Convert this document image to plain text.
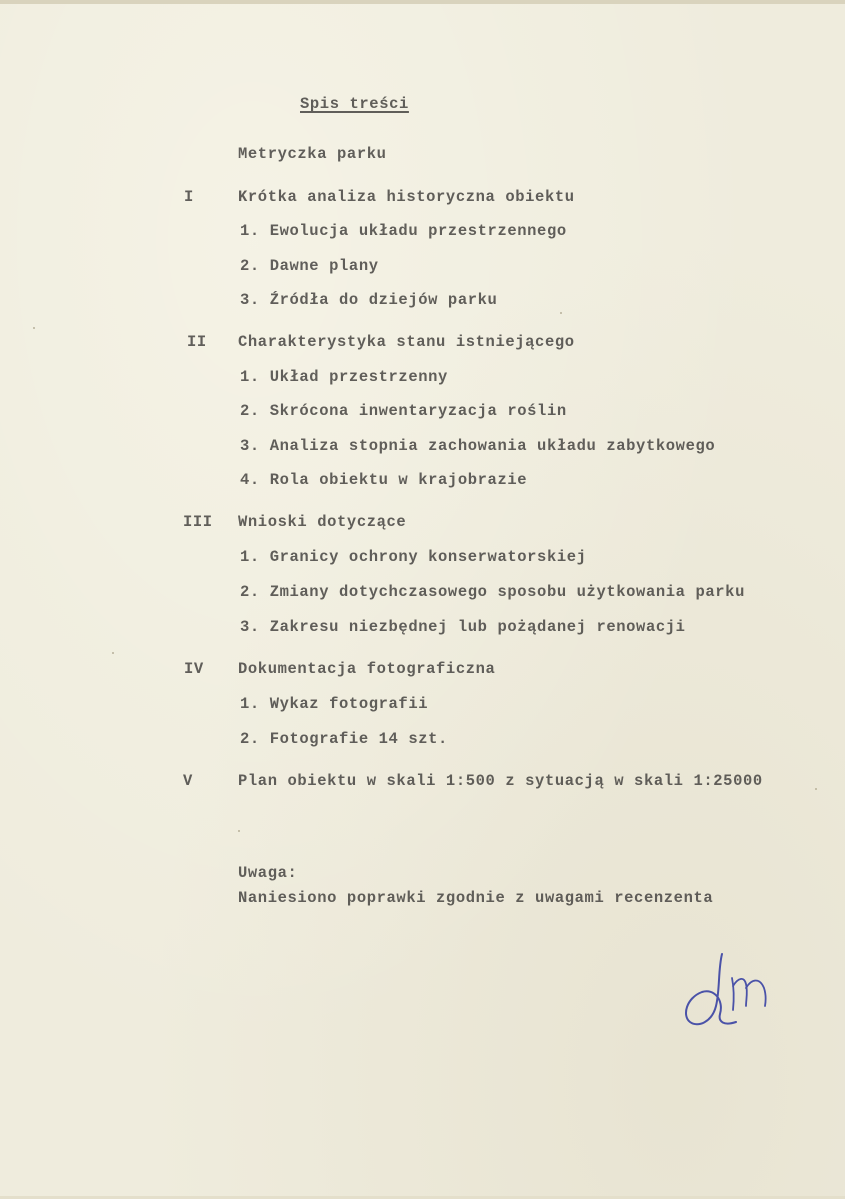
Spis treści
Metryczka parku
I	Krótka analiza historyczna obiektu
1. Ewolucja układu przestrzennego
2. Dawne plany
3. Źródła do dziejów parku
II Charakterystyka stanu istniejącego
1. Układ przestrzenny
2. Skrócona inwentaryzacja roślin
3. Analiza stopnia zachowania układu zabytkowego
4. Rola obiektu w krajobrazie
III Wnioski dotyczące
1. Granicy ochrony konserwatorskiej
2. Zmiany dotychczasowego sposobu użytkowania parku
3. Zakresu niezbędnej lub pożądanej renowacji
IV Dokumentacja fotograficzna
1. Wykaz fotografii
2. Fotografie 14 szt.
V	Plan obiektu w skali 1:500 z sytuacją w skali 1:25000
Uwaga:
Naniesiono poprawki zgodnie z uwagami recenzenta
